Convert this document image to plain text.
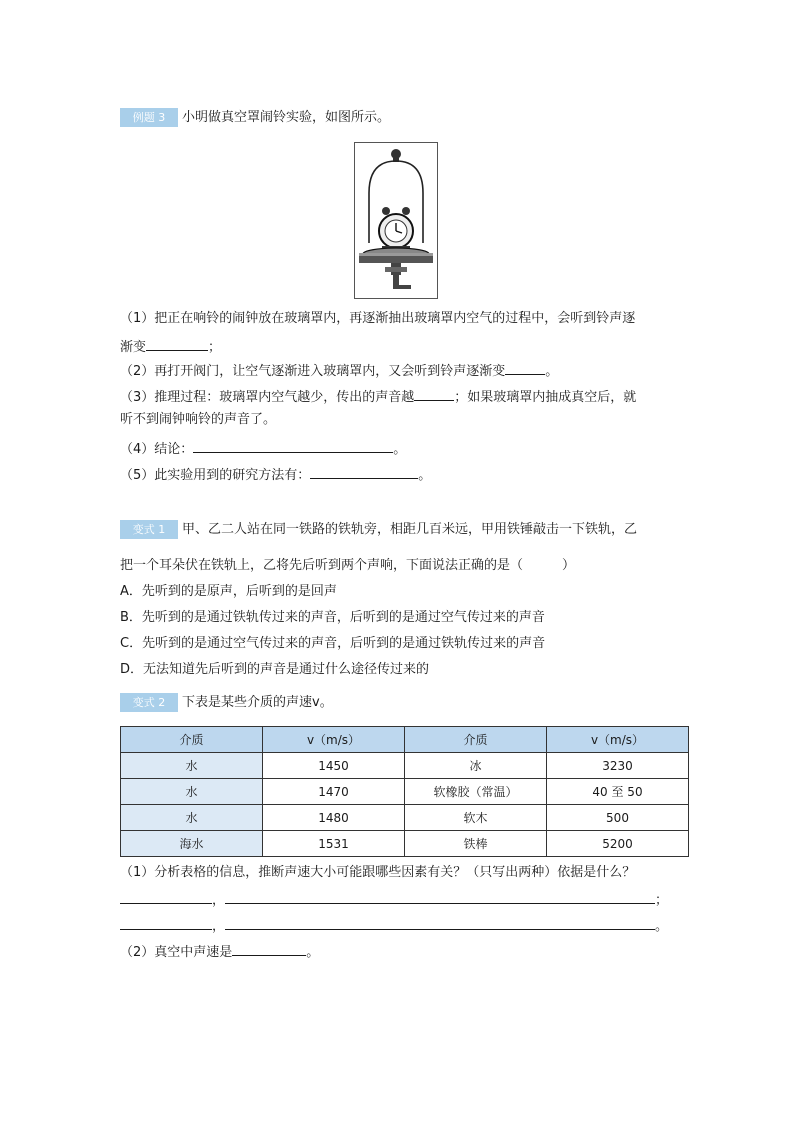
例题 3	小明做真空罩闹铃实验，如图所示。
（1）把正在响铃的闹钟放在玻璃罩内，再逐渐抽出玻璃罩内空气的过程中，会听到铃声逐
渐变	；
（2）再打开阀门，让空气逐渐进入玻璃罩内，又会听到铃声逐渐变	。
（3）推理过程：玻璃罩内空气越少，传出的声音越	；如果玻璃罩内抽成真空后，就
听不到闹钟响铃的声音了。
（4）结论：	。
（5）此实验用到的研究方法有：	。
变式 1	甲、乙二人站在同一铁路的铁轨旁，相距几百米远，甲用铁锤敲击一下铁轨，乙
把一个耳朵伏在铁轨上，乙将先后听到两个声响，下面说法正确的是（　　　）
A．先听到的是原声，后听到的是回声
B．先听到的是通过铁轨传过来的声音，后听到的是通过空气传过来的声音
C．先听到的是通过空气传过来的声音，后听到的是通过铁轨传过来的声音
D．无法知道先后听到的声音是通过什么途径传过来的
变式 2	下表是某些介质的声速v。
介质	v（m/s）	介质	v（m/s）
水	1450	冰	3230
水	1470	软橡胶（常温）	40 至 50
水	1480	软木	500
海水	1531	铁棒	5200
（1）分析表格的信息，推断声速大小可能跟哪些因素有关？（只写出两种）依据是什么？
，	；
，	。
（2）真空中声速是	。
